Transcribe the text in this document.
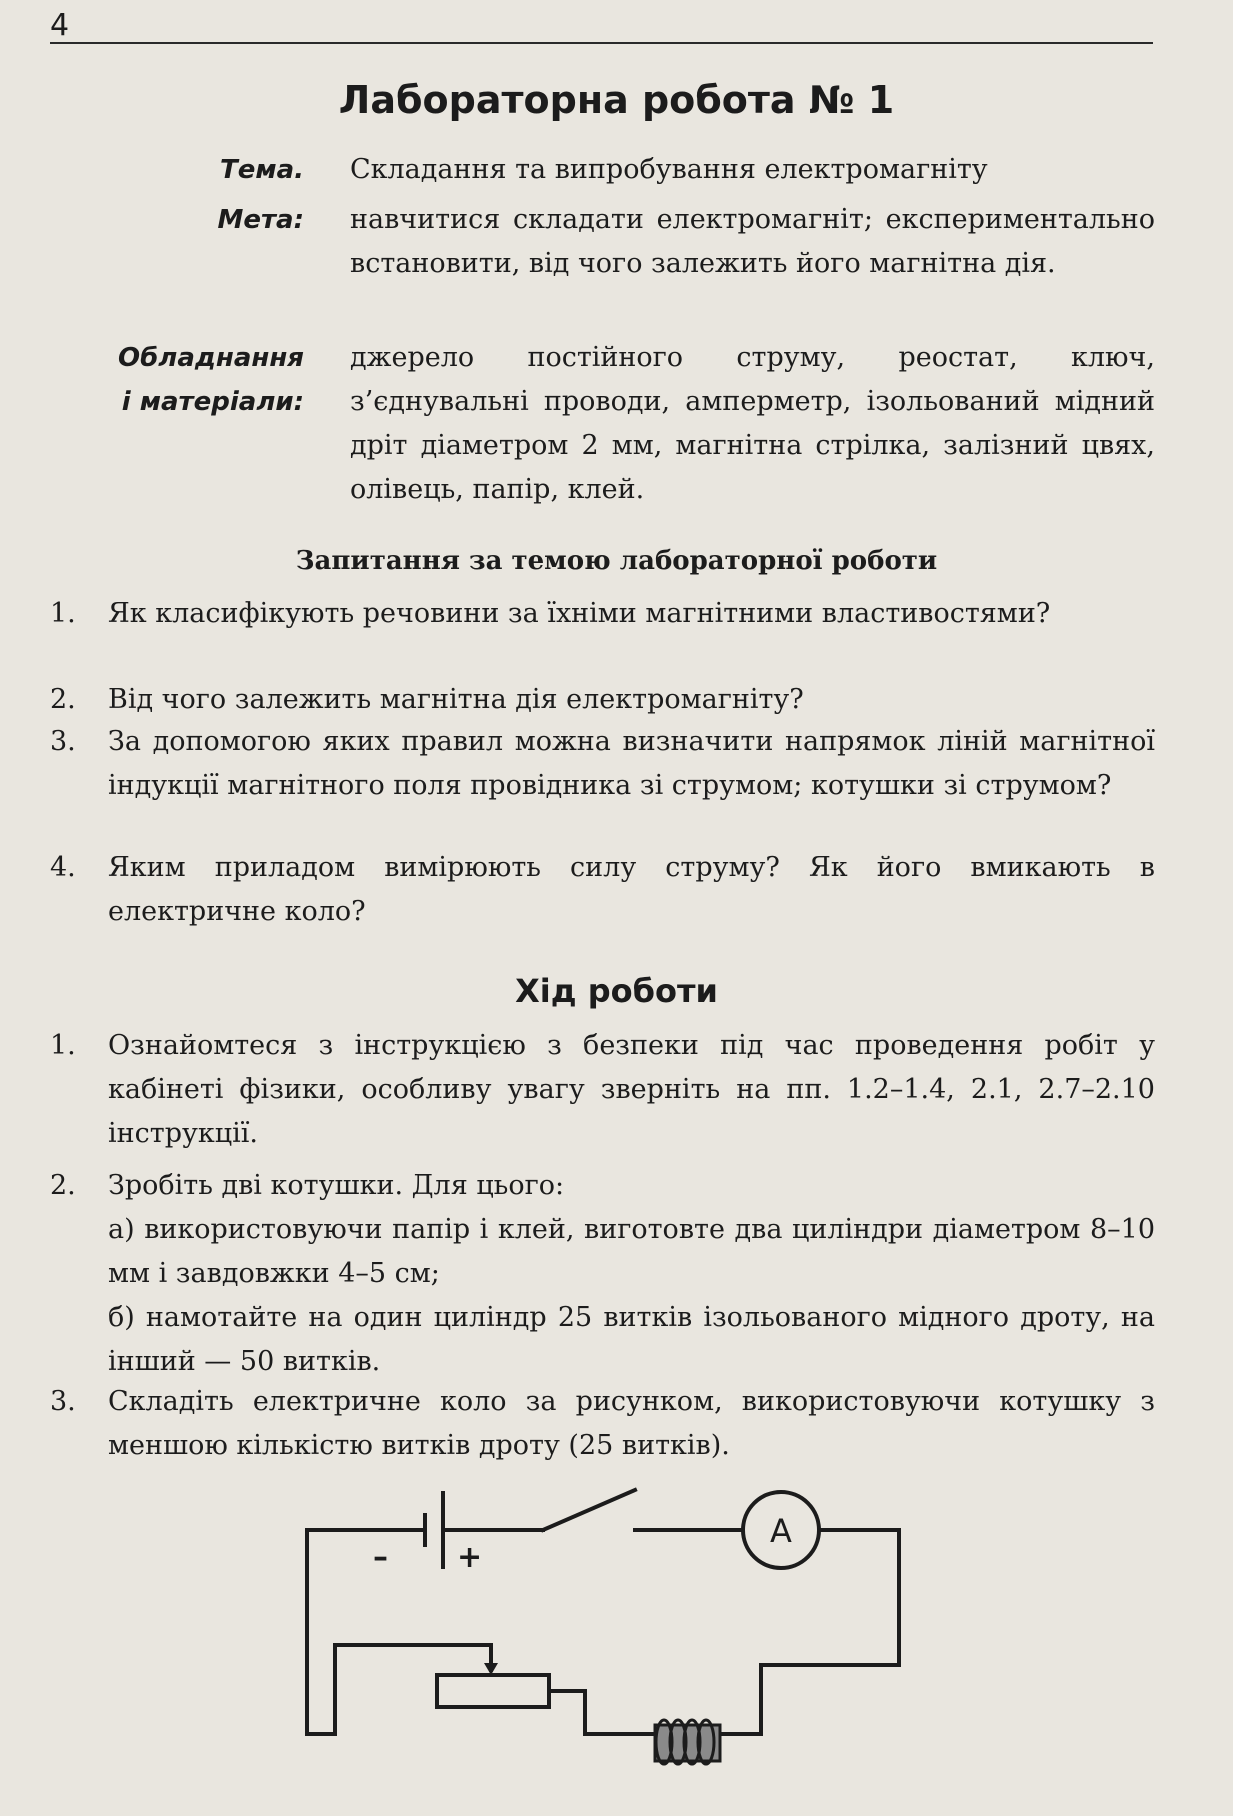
4
Лабораторна робота № 1
Тема. Складання та випробування електромагніту
Мета: навчитися складати електромагніт; експериментально встановити, від чого залежить його магнітна дія.
Обладнання
і матеріали:
джерело постійного струму, реостат, ключ, з’єднувальні проводи, амперметр, ізольований мідний дріт діаметром 2 мм, магнітна стрілка, залізний цвях, олівець, папір, клей.
Запитання за темою лабораторної роботи
1.	Як класифікують речовини за їхніми магнітними властивостями?
2.	Від чого залежить магнітна дія електромагніту?
3.	За допомогою яких правил можна визначити напрямок ліній магнітної індукції магнітного поля провідника зі струмом; котушки зі струмом?
4.	Яким приладом вимірюють силу струму? Як його вмикають в електричне коло?
Хід роботи
1.	Ознайомтеся з інструкцією з безпеки під час проведення робіт у кабінеті фізики, особливу увагу зверніть на пп. 1.2–1.4, 2.1, 2.7–2.10 інструкції.
2.	Зробіть дві котушки. Для цього:
а) використовуючи папір і клей, виготовте два циліндри діаметром 8–10 мм і завдовжки 4–5 см;
б) намотайте на один циліндр 25 витків ізольованого мідного дроту, на інший — 50 витків.
3.	Складіть електричне коло за рисунком, використовуючи котушку з меншою кількістю витків дроту (25 витків).
– +
A
